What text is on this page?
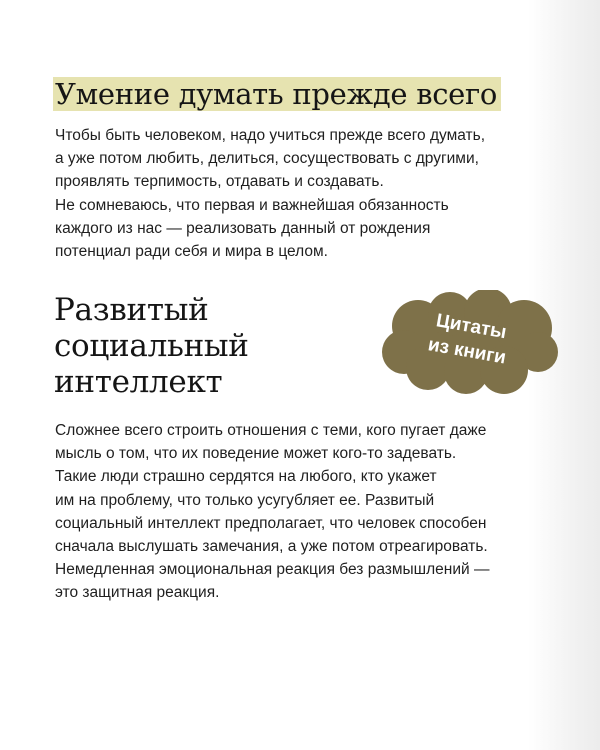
Умение думать прежде всего

Чтобы быть человеком, надо учиться прежде всего думать,
а уже потом любить, делиться, сосуществовать с другими,
проявлять терпимость, отдавать и создавать.
Не сомневаюсь, что первая и важнейшая обязанность
каждого из нас — реализовать данный от рождения
потенциал ради себя и мира в целом.

Развитый
социальный
интеллект
Цитаты
из книги

Сложнее всего строить отношения с теми, кого пугает даже
мысль о том, что их поведение может кого-то задевать.
Такие люди страшно сердятся на любого, кто укажет
им на проблему, что только усугубляет ее. Развитый
социальный интеллект предполагает, что человек способен
сначала выслушать замечания, а уже потом отреагировать.
Немедленная эмоциональная реакция без размышлений —
это защитная реакция.
